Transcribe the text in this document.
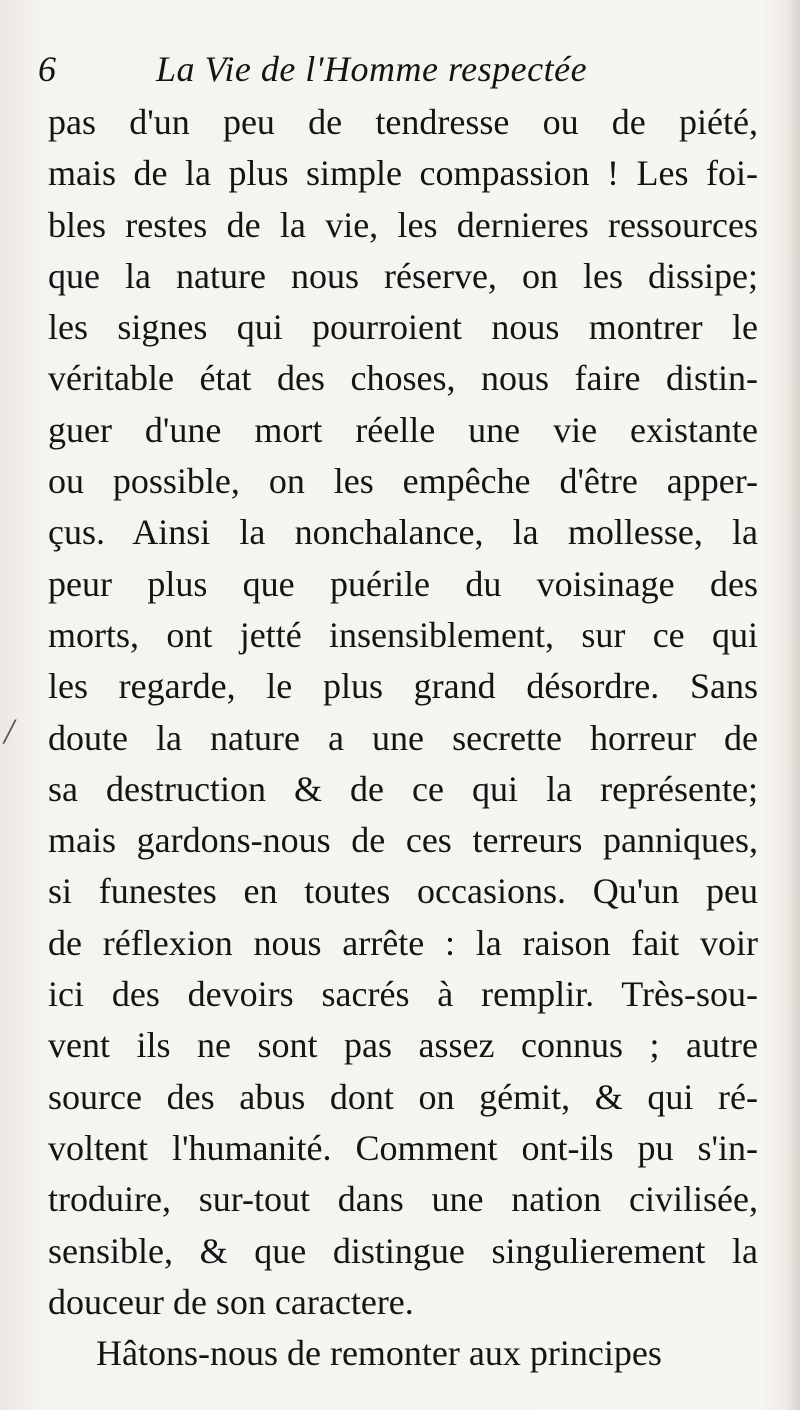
6	La Vie de l'Homme respectée
/
pas d'un peu de tendresse ou de piété,
mais de la plus simple compassion ! Les foi-
bles restes de la vie, les dernieres ressources
que la nature nous réserve, on les dissipe;
les signes qui pourroient nous montrer le
véritable état des choses, nous faire distin-
guer d'une mort réelle une vie existante
ou possible, on les empêche d'être apper-
çus. Ainsi la nonchalance, la mollesse, la
peur plus que puérile du voisinage des
morts, ont jetté insensiblement, sur ce qui
les regarde, le plus grand désordre. Sans
doute la nature a une secrette horreur de
sa destruction & de ce qui la représente;
mais gardons-nous de ces terreurs panniques,
si funestes en toutes occasions. Qu'un peu
de réflexion nous arrête : la raison fait voir
ici des devoirs sacrés à remplir. Très-sou-
vent ils ne sont pas assez connus ; autre
source des abus dont on gémit, & qui ré-
voltent l'humanité. Comment ont-ils pu s'in-
troduire, sur-tout dans une nation civilisée,
sensible, & que distingue singulierement la
douceur de son caractere.
Hâtons-nous de remonter aux principes
